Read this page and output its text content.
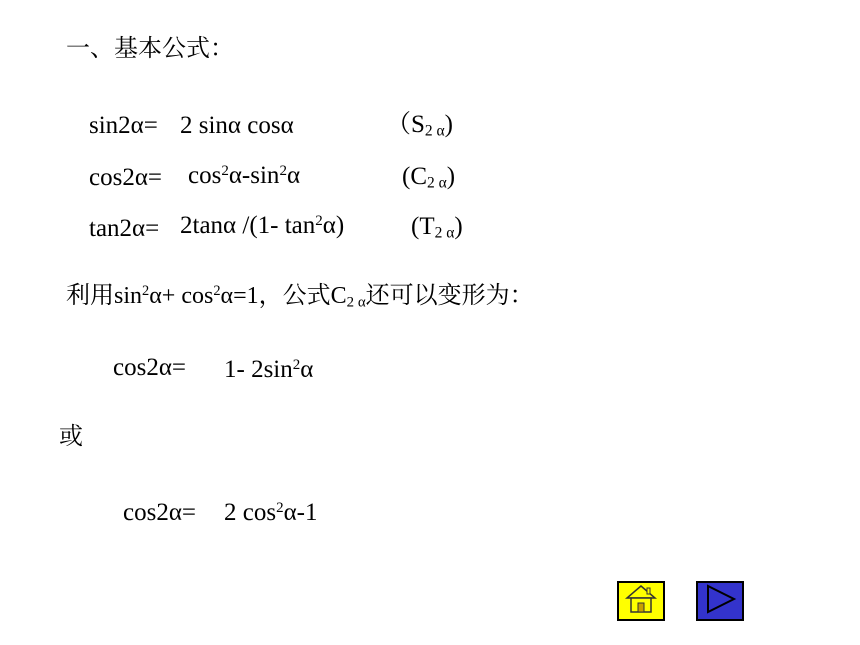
一、基本公式：
sin2α= 2 sinα cosα	$(S_{2 \alpha})$
$\cos 2\alpha= \cos^2\alpha-\sin^2\alpha$	$(C_{2 \alpha})$
tan2α= 2tanα /(1- $\tan^2\alpha$)	$(T_{2 \alpha})$
利用$\sin^2\alpha+ \cos^2\alpha=1$，公式$C_{2 \alpha}$还可以变形为：
cos2α= 1- $2\sin^2\alpha$
或
cos2α= 2 $\cos^2\alpha-1$
